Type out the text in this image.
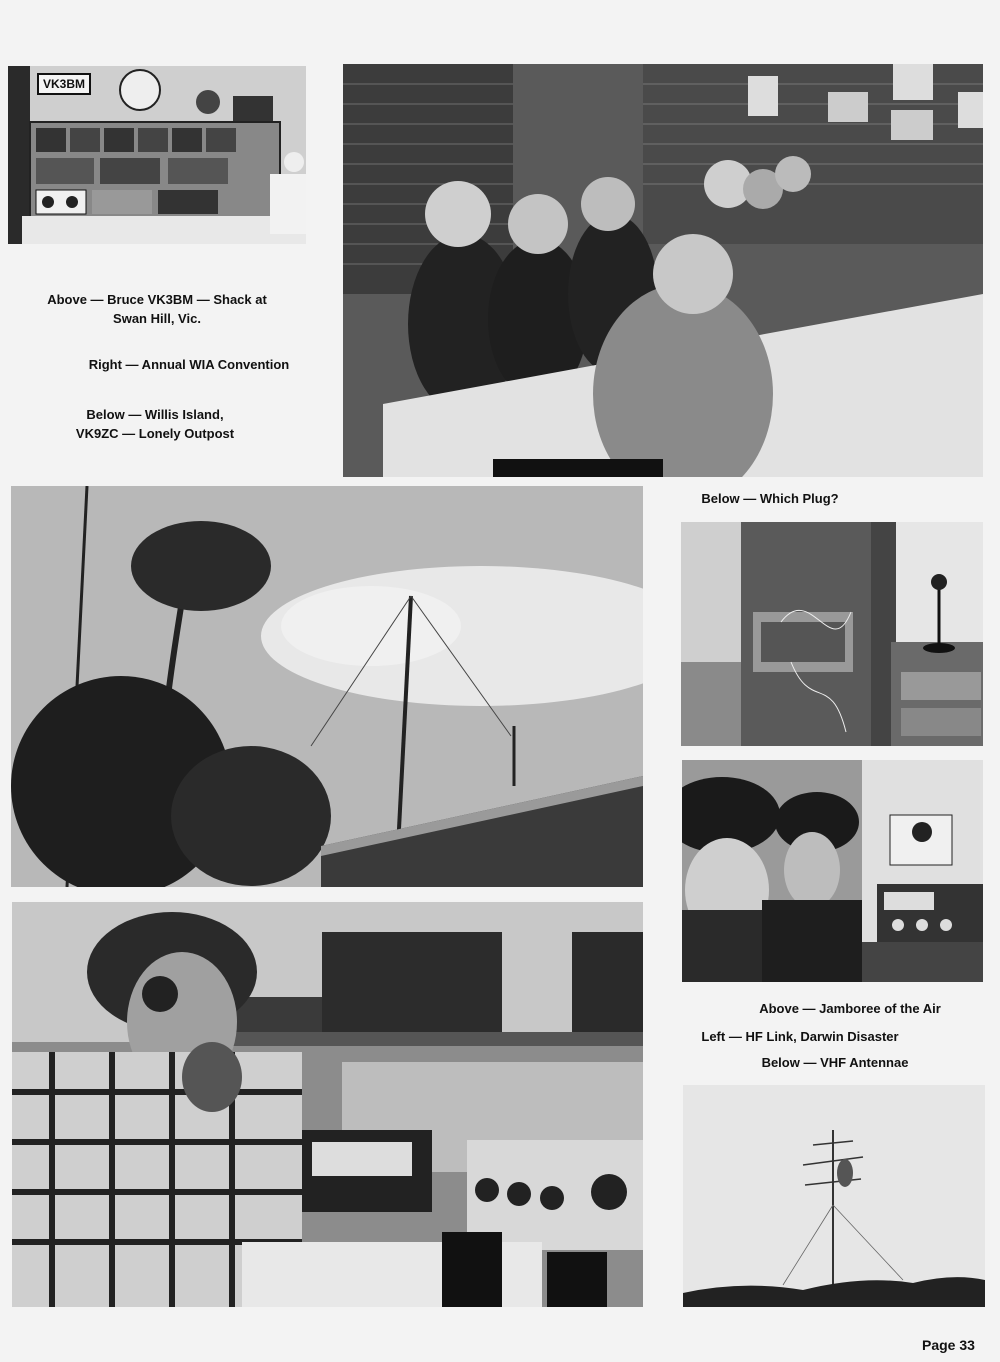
VK3BM
Above — Bruce VK3BM — Shack at
Swan Hill, Vic.
Right — Annual WIA Convention
Below — Willis Island,
VK9ZC — Lonely Outpost
Below — Which Plug?
Above — Jamboree of the Air
Left — HF Link, Darwin Disaster
Below — VHF Antennae
Page 33
